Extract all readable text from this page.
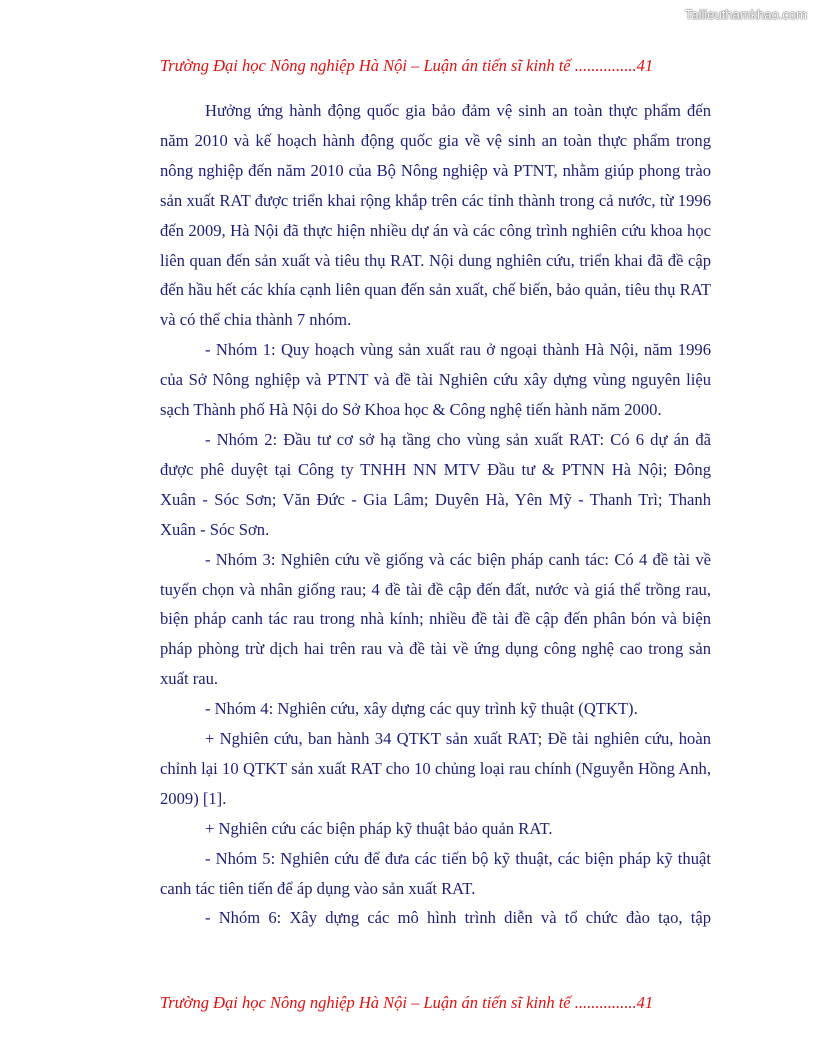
Tailieuthamkhao.com
Trường Đại học Nông nghiệp Hà Nội – Luận án tiến sĩ kinh tế ...............41

Hưởng ứng hành động quốc gia bảo đảm vệ sinh an toàn thực phẩm đến năm 2010 và kế hoạch hành động quốc gia về vệ sinh an toàn thực phẩm trong nông nghiệp đến năm 2010 của Bộ Nông nghiệp và PTNT, nhằm giúp phong trào sản xuất RAT được triển khai rộng khắp trên các tỉnh thành trong cả nước, từ 1996 đến 2009, Hà Nội đã thực hiện nhiều dự án và các công trình nghiên cứu khoa học liên quan đến sản xuất và tiêu thụ RAT. Nội dung nghiên cứu, triển khai đã đề cập đến hầu hết các khía cạnh liên quan đến sản xuất, chế biến, bảo quản, tiêu thụ RAT và có thể chia thành 7 nhóm.

- Nhóm 1: Quy hoạch vùng sản xuất rau ở ngoại thành Hà Nội, năm 1996 của Sở Nông nghiệp và PTNT và đề tài Nghiên cứu xây dựng vùng nguyên liệu sạch Thành phố Hà Nội do Sở Khoa học & Công nghệ tiến hành năm 2000.

- Nhóm 2: Đầu tư cơ sở hạ tầng cho vùng sản xuất RAT: Có 6 dự án đã được phê duyệt tại Công ty TNHH NN MTV Đầu tư & PTNN Hà Nội; Đông Xuân - Sóc Sơn; Văn Đức - Gia Lâm; Duyên Hà, Yên Mỹ - Thanh Trì; Thanh Xuân - Sóc Sơn.

- Nhóm 3: Nghiên cứu về giống và các biện pháp canh tác: Có 4 đề tài về tuyển chọn và nhân giống rau; 4 đề tài đề cập đến đất, nước và giá thể trồng rau, biện pháp canh tác rau trong nhà kính; nhiều đề tài đề cập đến phân bón và biện pháp phòng trừ dịch hai trên rau và đề tài về ứng dụng công nghệ cao trong sản xuất rau.

- Nhóm 4: Nghiên cứu, xây dựng các quy trình kỹ thuật (QTKT).

+ Nghiên cứu, ban hành 34 QTKT sản xuất RAT; Đề tài nghiên cứu, hoàn chỉnh lại 10 QTKT sản xuất RAT cho 10 chủng loại rau chính (Nguyễn Hồng Anh, 2009) [1].

+ Nghiên cứu các biện pháp kỹ thuật bảo quản RAT.

- Nhóm 5: Nghiên cứu để đưa các tiến bộ kỹ thuật, các biện pháp kỹ thuật canh tác tiên tiến để áp dụng vào sản xuất RAT.

- Nhóm 6: Xây dựng các mô hình trình diễn và tổ chức đào tạo, tập

Trường Đại học Nông nghiệp Hà Nội – Luận án tiến sĩ kinh tế ...............41
